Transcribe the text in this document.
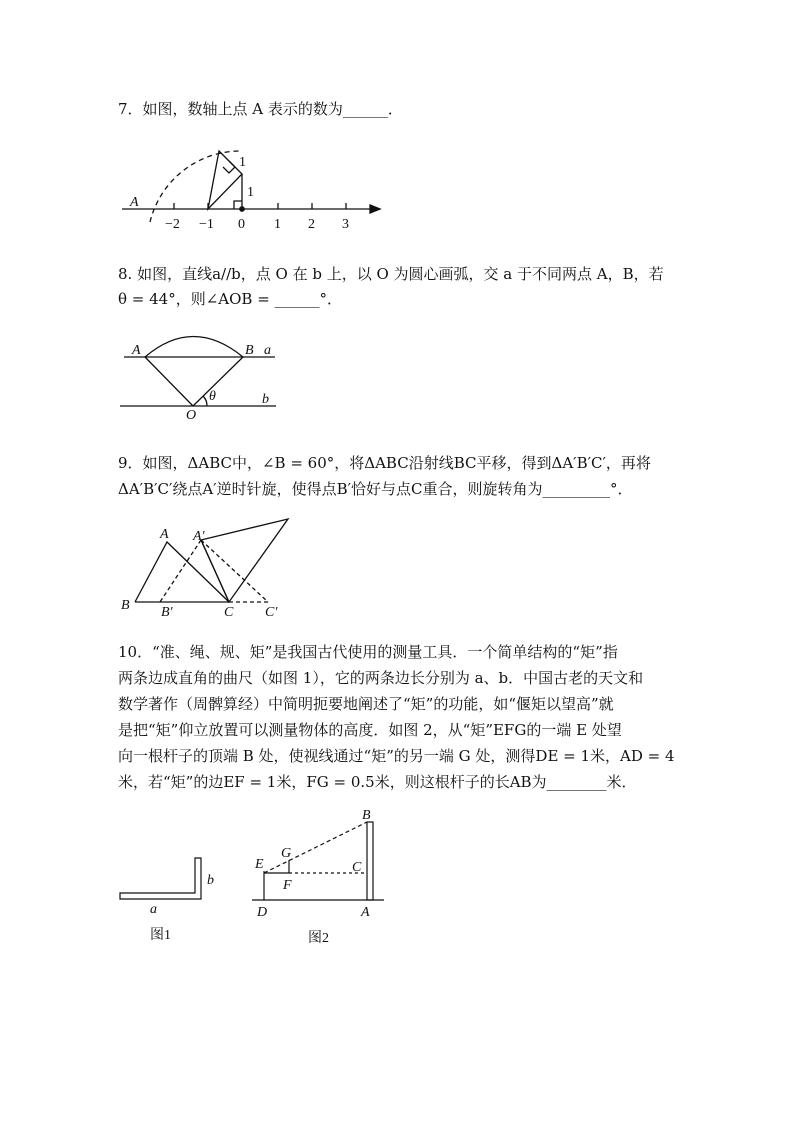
7．如图，数轴上点 A 表示的数为______．
8. 如图，直线a//b，点 O 在 b 上，以 O 为圆心画弧，交 a 于不同两点 A，B，若
θ = 44°，则∠AOB = ______°．
9．如图，ΔABC中，∠B = 60°，将ΔABC沿射线BC平移，得到ΔA′B′C′，再将
ΔA′B′C′绕点A′逆时针旋，使得点B′恰好与点C重合，则旋转角为_________°．
10．“准、绳、规、矩”是我国古代使用的测量工具．一个简单结构的“矩”指
两条边成直角的曲尺（如图 1），它的两条边长分别为 a、b．中国古老的天文和
数学著作（周髀算经）中简明扼要地阐述了“矩”的功能，如“偃矩以望高”就
是把“矩”仰立放置可以测量物体的高度．如图 2，从“矩”EFG的一端 E 处望
向一根杆子的顶端 B 处，使视线通过“矩”的另一端 G 处，测得DE = 1米，AD = 4
米，若“矩”的边EF = 1米，FG = 0.5米，则这根杆子的长AB为________米．
A
−2 −1 0 1 2 3
1
1
A	B a
b
O
θ
A A′
B B′	C C′
a
b
图1
B
E
G
C
F
D	A
图2
